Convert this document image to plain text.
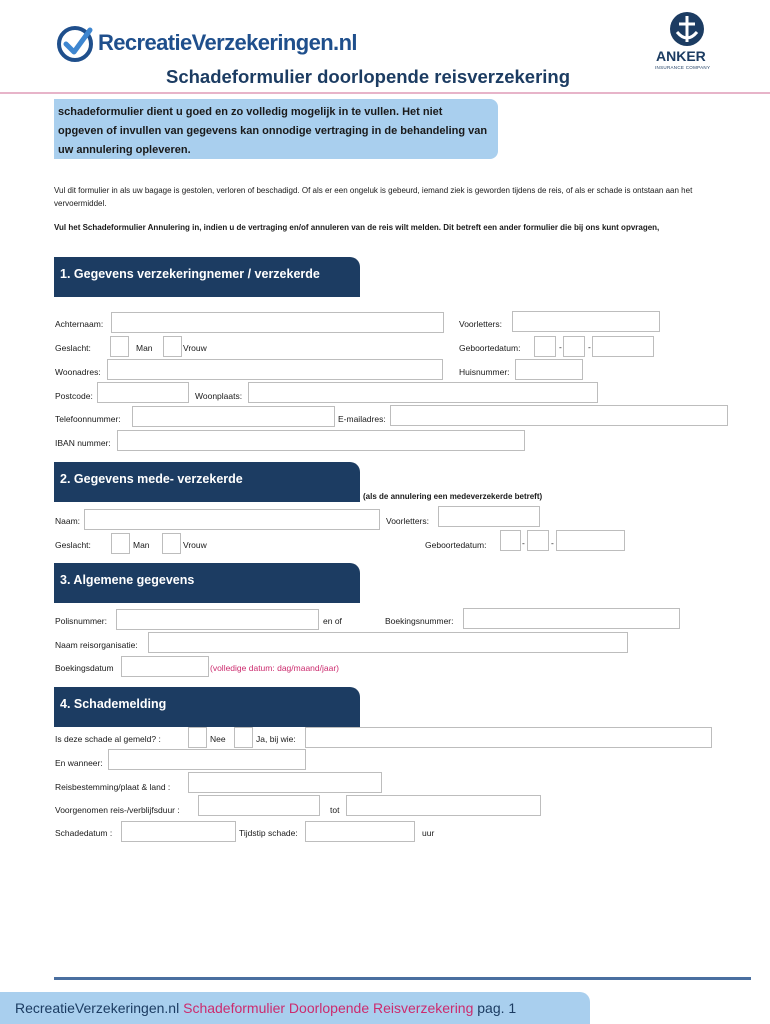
RecreatieVerzekeringen.nl
ANKER
INSURANCE COMPANY
Schadeformulier doorlopende reisverzekering
schadeformulier dient u goed en zo volledig mogelijk in te vullen. Het niet opgeven of invullen van gegevens kan onnodige vertraging in de behandeling van uw annulering opleveren.
Vul dit formulier in als uw bagage is gestolen, verloren of beschadigd. Of als er een ongeluk is gebeurd, iemand ziek is geworden tijdens de reis, of als er schade is ontstaan aan het vervoermiddel.
Vul het Schadeformulier Annulering in, indien u de vertraging en/of annuleren van de reis wilt melden. Dit betreft een ander formulier die bij ons kunt opvragen,
1. Gegevens verzekeringnemer / verzekerde
Achternaam:	Voorletters:
Geslacht:	Man	Vrouw	Geboortedatum:	-	-
Woonadres:	Huisnummer:
Postcode:	Woonplaats:
Telefoonnummer:	E-mailadres:
IBAN nummer:
2. Gegevens mede- verzekerde
(als de annulering een medeverzekerde betreft)
Naam:	Voorletters:
Geslacht:	Man	Vrouw	Geboortedatum:	-	-
3. Algemene gegevens
Polisnummer:	en of	Boekingsnummer:
Naam reisorganisatie:
Boekingsdatum	(volledige datum: dag/maand/jaar)
4. Schademelding
Is deze schade al gemeld? :	Nee	Ja, bij wie:
En wanneer:
Reisbestemming/plaat & land :
Voorgenomen reis-/verblijfsduur :	tot
Schadedatum :	Tijdstip schade:	uur
RecreatieVerzekeringen.nl Schadeformulier Doorlopende Reisverzekering pag. 1
